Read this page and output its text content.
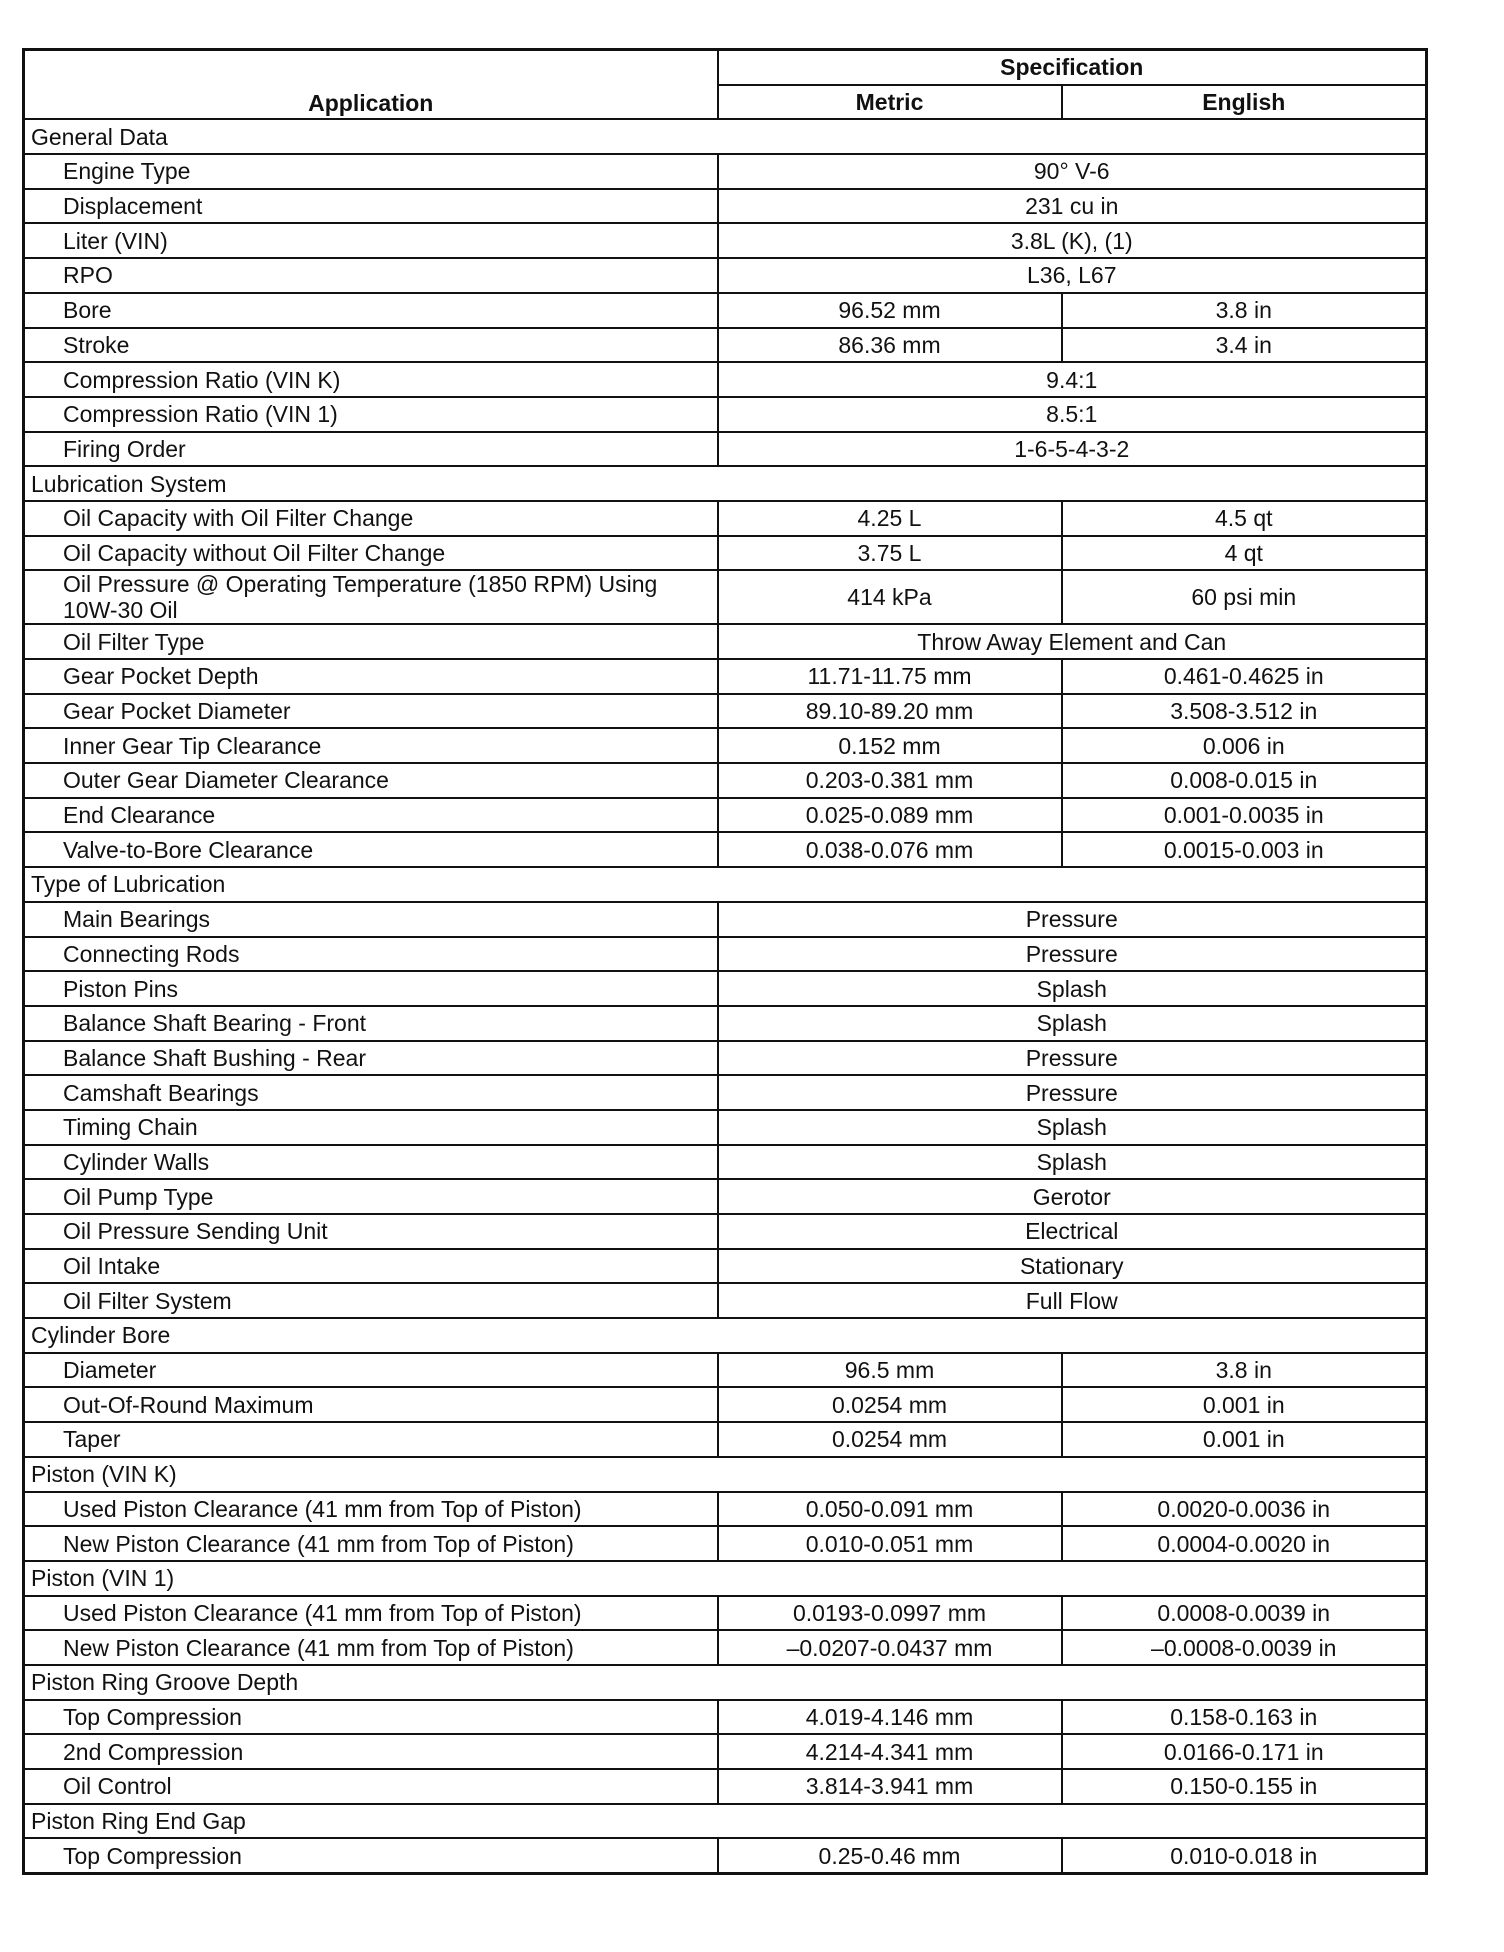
Application	Specification	
	Metric	English
General Data		
Engine Type	90° V-6	
Displacement	231 cu in	
Liter (VIN)	3.8L (K), (1)	
RPO	L36, L67	
Bore	96.52 mm	3.8 in
Stroke	86.36 mm	3.4 in
Compression Ratio (VIN K)	9.4:1	
Compression Ratio (VIN 1)	8.5:1	
Firing Order	1-6-5-4-3-2	
Lubrication System		
Oil Capacity with Oil Filter Change	4.25 L	4.5 qt
Oil Capacity without Oil Filter Change	3.75 L	4 qt
Oil Pressure @ Operating Temperature (1850 RPM) Using 10W-30 Oil	414 kPa	60 psi min
Oil Filter Type	Throw Away Element and Can	
Gear Pocket Depth	11.71-11.75 mm	0.461-0.4625 in
Gear Pocket Diameter	89.10-89.20 mm	3.508-3.512 in
Inner Gear Tip Clearance	0.152 mm	0.006 in
Outer Gear Diameter Clearance	0.203-0.381 mm	0.008-0.015 in
End Clearance	0.025-0.089 mm	0.001-0.0035 in
Valve-to-Bore Clearance	0.038-0.076 mm	0.0015-0.003 in
Type of Lubrication		
Main Bearings	Pressure	
Connecting Rods	Pressure	
Piston Pins	Splash	
Balance Shaft Bearing - Front	Splash	
Balance Shaft Bushing - Rear	Pressure	
Camshaft Bearings	Pressure	
Timing Chain	Splash	
Cylinder Walls	Splash	
Oil Pump Type	Gerotor	
Oil Pressure Sending Unit	Electrical	
Oil Intake	Stationary	
Oil Filter System	Full Flow	
Cylinder Bore		
Diameter	96.5 mm	3.8 in
Out-Of-Round Maximum	0.0254 mm	0.001 in
Taper	0.0254 mm	0.001 in
Piston (VIN K)		
Used Piston Clearance (41 mm from Top of Piston)	0.050-0.091 mm	0.0020-0.0036 in
New Piston Clearance (41 mm from Top of Piston)	0.010-0.051 mm	0.0004-0.0020 in
Piston (VIN 1)		
Used Piston Clearance (41 mm from Top of Piston)	0.0193-0.0997 mm	0.0008-0.0039 in
New Piston Clearance (41 mm from Top of Piston)	–0.0207-0.0437 mm	–0.0008-0.0039 in
Piston Ring Groove Depth		
Top Compression	4.019-4.146 mm	0.158-0.163 in
2nd Compression	4.214-4.341 mm	0.0166-0.171 in
Oil Control	3.814-3.941 mm	0.150-0.155 in
Piston Ring End Gap		
Top Compression	0.25-0.46 mm	0.010-0.018 in
